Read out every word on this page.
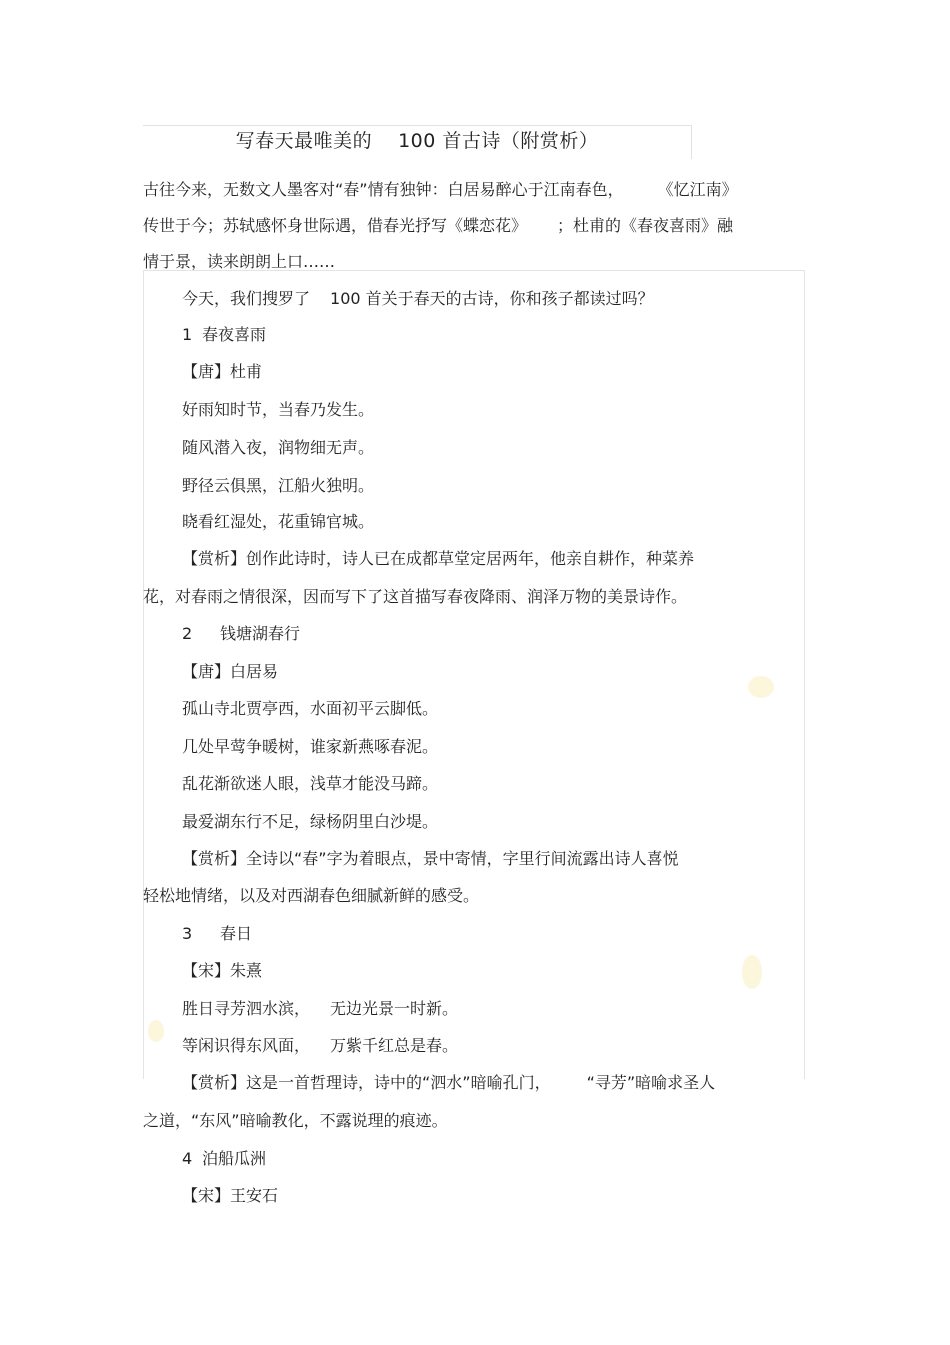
写春天最唯美的 100 首古诗（附赏析）
古往今来，无数文人墨客对“春”情有独钟：白居易醉心于江南春色， 《忆江南》
传世于今；苏轼感怀身世际遇，借春光抒写《蝶恋花》 ；杜甫的《春夜喜雨》融
情于景，读来朗朗上口……
今天，我们搜罗了 100 首关于春天的古诗，你和孩子都读过吗？
1 春夜喜雨
【唐】杜甫
好雨知时节，当春乃发生。
随风潜入夜，润物细无声。
野径云俱黑，江船火独明。
晓看红湿处，花重锦官城。
【赏析】创作此诗时，诗人已在成都草堂定居两年，他亲自耕作，种菜养
花，对春雨之情很深，因而写下了这首描写春夜降雨、润泽万物的美景诗作。
2 钱塘湖春行
【唐】白居易
孤山寺北贾亭西，水面初平云脚低。
几处早莺争暖树，谁家新燕啄春泥。
乱花渐欲迷人眼，浅草才能没马蹄。
最爱湖东行不足，绿杨阴里白沙堤。
【赏析】全诗以“春”字为着眼点，景中寄情，字里行间流露出诗人喜悦
轻松地情绪，以及对西湖春色细腻新鲜的感受。
3 春日
【宋】朱熹
胜日寻芳泗水滨， 无边光景一时新。
等闲识得东风面， 万紫千红总是春。
【赏析】这是一首哲理诗，诗中的“泗水”暗喻孔门， “寻芳”暗喻求圣人
之道，“东风”暗喻教化，不露说理的痕迹。
4 泊船瓜洲
【宋】王安石
